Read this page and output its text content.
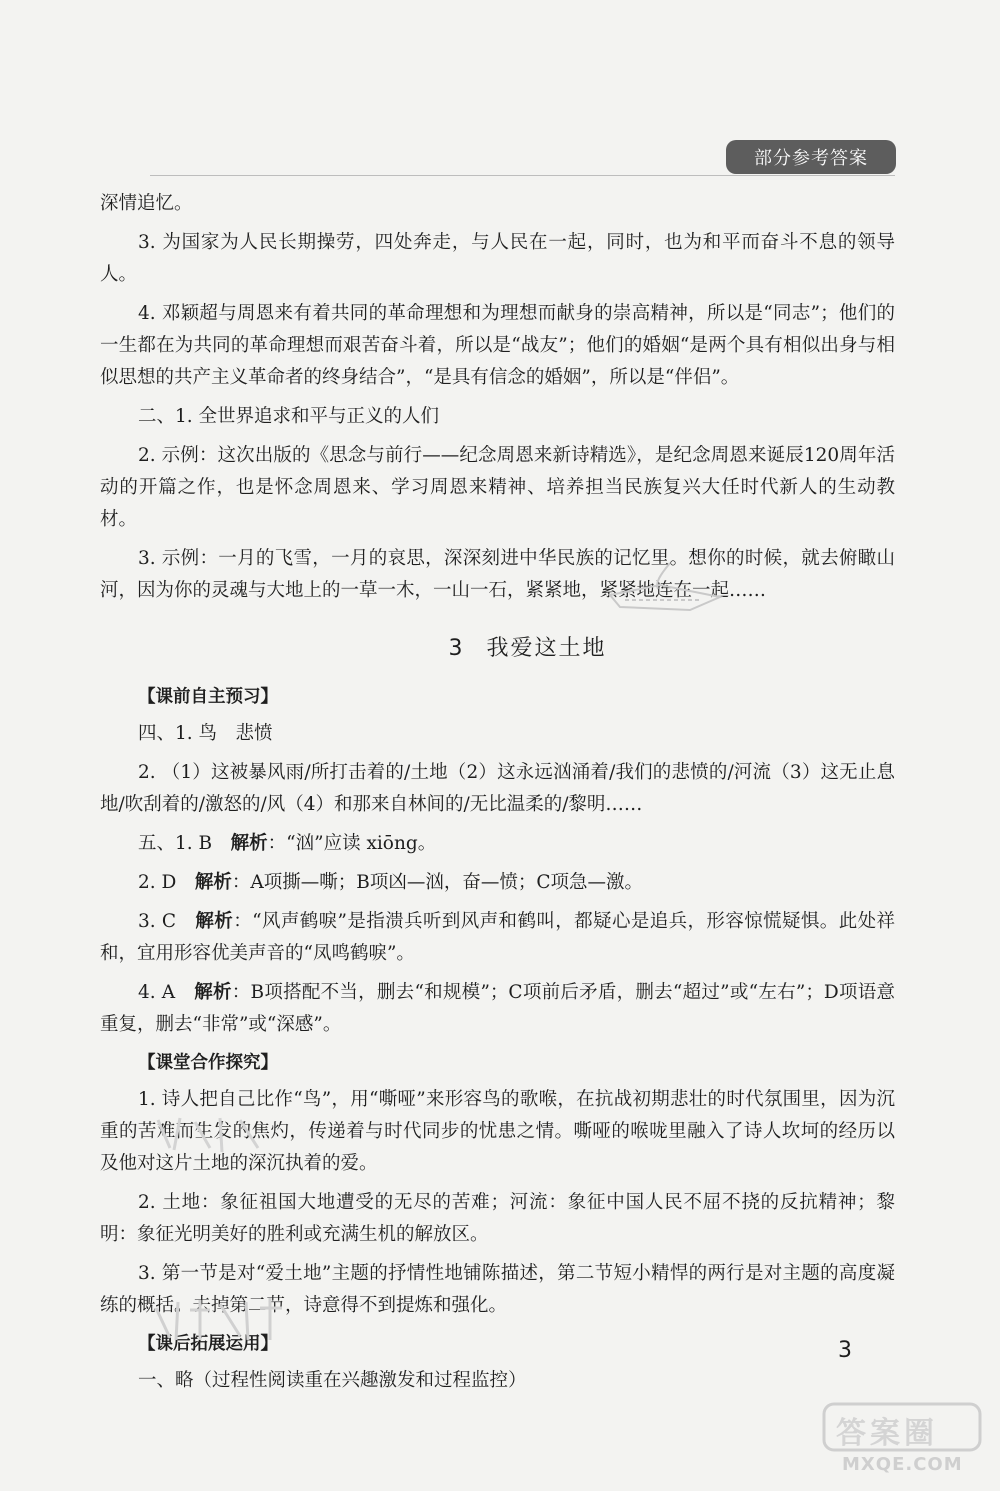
部分参考答案

深情追忆。

3. 为国家为人民长期操劳，四处奔走，与人民在一起，同时，也为和平而奋斗不息的领导人。

4. 邓颖超与周恩来有着共同的革命理想和为理想而献身的崇高精神，所以是“同志”；他们的一生都在为共同的革命理想而艰苦奋斗着，所以是“战友”；他们的婚姻“是两个具有相似出身与相似思想的共产主义革命者的终身结合”，“是具有信念的婚姻”，所以是“伴侣”。

二、1. 全世界追求和平与正义的人们

2. 示例：这次出版的《思念与前行——纪念周恩来新诗精选》，是纪念周恩来诞辰120周年活动的开篇之作，也是怀念周恩来、学习周恩来精神、培养担当民族复兴大任时代新人的生动教材。

3. 示例：一月的飞雪，一月的哀思，深深刻进中华民族的记忆里。想你的时候，就去俯瞰山河，因为你的灵魂与大地上的一草一木，一山一石，紧紧地，紧紧地连在一起……

3 我爱这土地
【课前自主预习】

四、1. 鸟　悲愤

2. （1）这被暴风雨/所打击着的/土地（2）这永远汹涌着/我们的悲愤的/河流（3）这无止息地/吹刮着的/激怒的/风（4）和那来自林间的/无比温柔的/黎明……

五、1. B　解析：“汹”应读 xiōng。

2. D　解析：A项撕—嘶；B项凶—汹，奋—愤；C项急—激。

3. C　解析：“风声鹤唳”是指溃兵听到风声和鹤叫，都疑心是追兵，形容惊慌疑惧。此处祥和，宜用形容优美声音的“凤鸣鹤唳”。

4. A　解析：B项搭配不当，删去“和规模”；C项前后矛盾，删去“超过”或“左右”；D项语意重复，删去“非常”或“深感”。

【课堂合作探究】

1. 诗人把自己比作“鸟”，用“嘶哑”来形容鸟的歌喉，在抗战初期悲壮的时代氛围里，因为沉重的苦难而生发的焦灼，传递着与时代同步的忧患之情。嘶哑的喉咙里融入了诗人坎坷的经历以及他对这片土地的深沉执着的爱。

2. 土地：象征祖国大地遭受的无尽的苦难；河流：象征中国人民不屈不挠的反抗精神；黎明：象征光明美好的胜利或充满生机的解放区。

3. 第一节是对“爱土地”主题的抒情性地铺陈描述，第二节短小精悍的两行是对主题的高度凝练的概括。去掉第二节，诗意得不到提炼和强化。

【课后拓展运用】

一、略（过程性阅读重在兴趣激发和过程监控）

3
答案圈
MXQE.COM
